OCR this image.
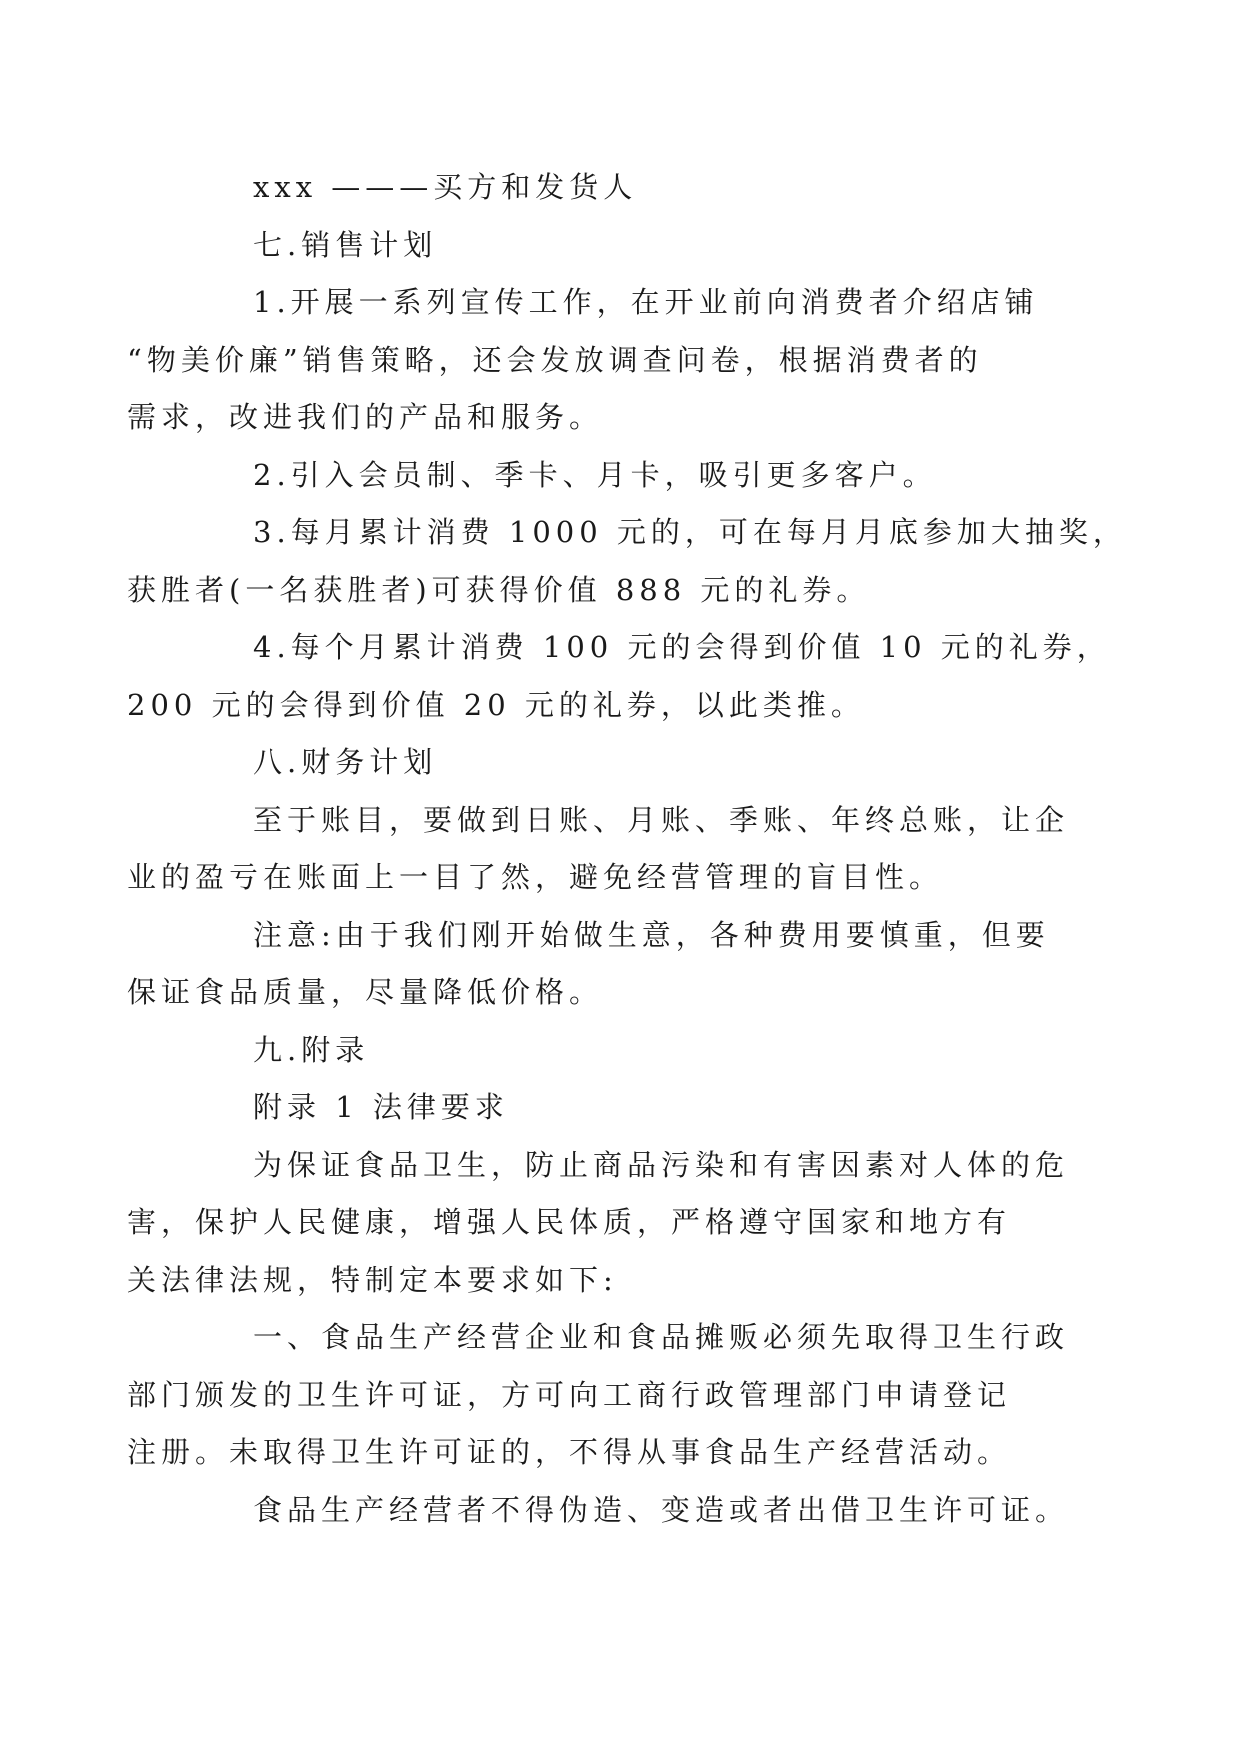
xxx ———买方和发货人

七.销售计划

1.开展一系列宣传工作，在开业前向消费者介绍店铺
“物美价廉”销售策略，还会发放调查问卷，根据消费者的
需求，改进我们的产品和服务。

2.引入会员制、季卡、月卡，吸引更多客户。

3.每月累计消费 1000 元的，可在每月月底参加大抽奖，
获胜者(一名获胜者)可获得价值 888 元的礼券。

4.每个月累计消费 100 元的会得到价值 10 元的礼券，
200 元的会得到价值 20 元的礼券，以此类推。

八.财务计划

至于账目，要做到日账、月账、季账、年终总账，让企
业的盈亏在账面上一目了然，避免经营管理的盲目性。

注意:由于我们刚开始做生意，各种费用要慎重，但要
保证食品质量，尽量降低价格。

九.附录

附录 1 法律要求

为保证食品卫生，防止商品污染和有害因素对人体的危
害，保护人民健康，增强人民体质，严格遵守国家和地方有
关法律法规，特制定本要求如下:

一、食品生产经营企业和食品摊贩必须先取得卫生行政
部门颁发的卫生许可证，方可向工商行政管理部门申请登记
注册。未取得卫生许可证的，不得从事食品生产经营活动。

食品生产经营者不得伪造、变造或者出借卫生许可证。
